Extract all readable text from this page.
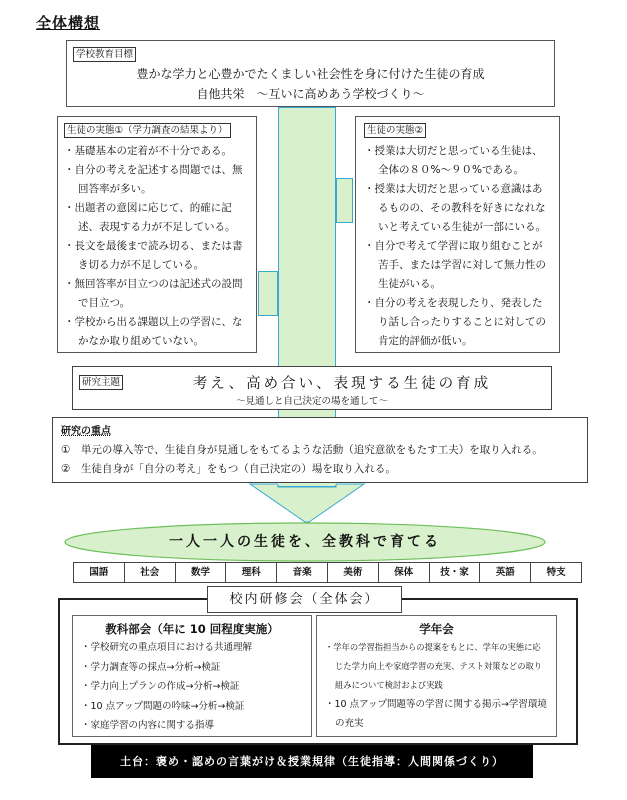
全体構想
学校教育目標
豊かな学力と心豊かでたくましい社会性を身に付けた生徒の育成
自他共栄　～互いに高めあう学校づくり～
生徒の実態①（学力調査の結果より）
・基礎基本の定着が不十分である。
・自分の考えを記述する問題では、無回答率が多い。
・出題者の意図に応じて、的確に記述、表現する力が不足している。
・長文を最後まで読み切る、または書き切る力が不足している。
・無回答率が目立つのは記述式の設問で目立つ。
・学校から出る課題以上の学習に、なかなか取り組めていない。
生徒の実態②
・授業は大切だと思っている生徒は、全体の８０%～９０%である。
・授業は大切だと思っている意識はあるものの、その教科を好きになれないと考えている生徒が一部にいる。
・自分で考えて学習に取り組むことが苦手、または学習に対して無力性の生徒がいる。
・自分の考えを表現したり、発表したり話し合ったりすることに対しての肯定的評価が低い。
研究主題	考え、高め合い、表現する生徒の育成
～見通しと自己決定の場を通して～
研究の重点
①　単元の導入等で、生徒自身が見通しをもてるような活動（追究意欲をもたす工夫）を取り入れる。
②　生徒自身が「自分の考え」をもつ（自己決定の）場を取り入れる。
一人一人の生徒を、全教科で育てる
国語	社会	数学	理科	音楽	美術	保体	技・家	英語	特支
校内研修会（全体会）
教科部会（年に 10 回程度実施）
・学校研究の重点項目における共通理解
・学力調査等の採点→分析→検証
・学力向上プランの作成→分析→検証
・10 点アップ問題の吟味→分析→検証
・家庭学習の内容に関する指導
学年会
・学年の学習指担当からの提案をもとに、学年の実態に応じた学力向上や家庭学習の充実、テスト対策などの取り組みについて検討および実践
・10 点アップ問題等の学習に関する掲示→学習環境の充実
土台：褒め・認めの言葉がけ＆授業規律（生徒指導：人間関係づくり）
